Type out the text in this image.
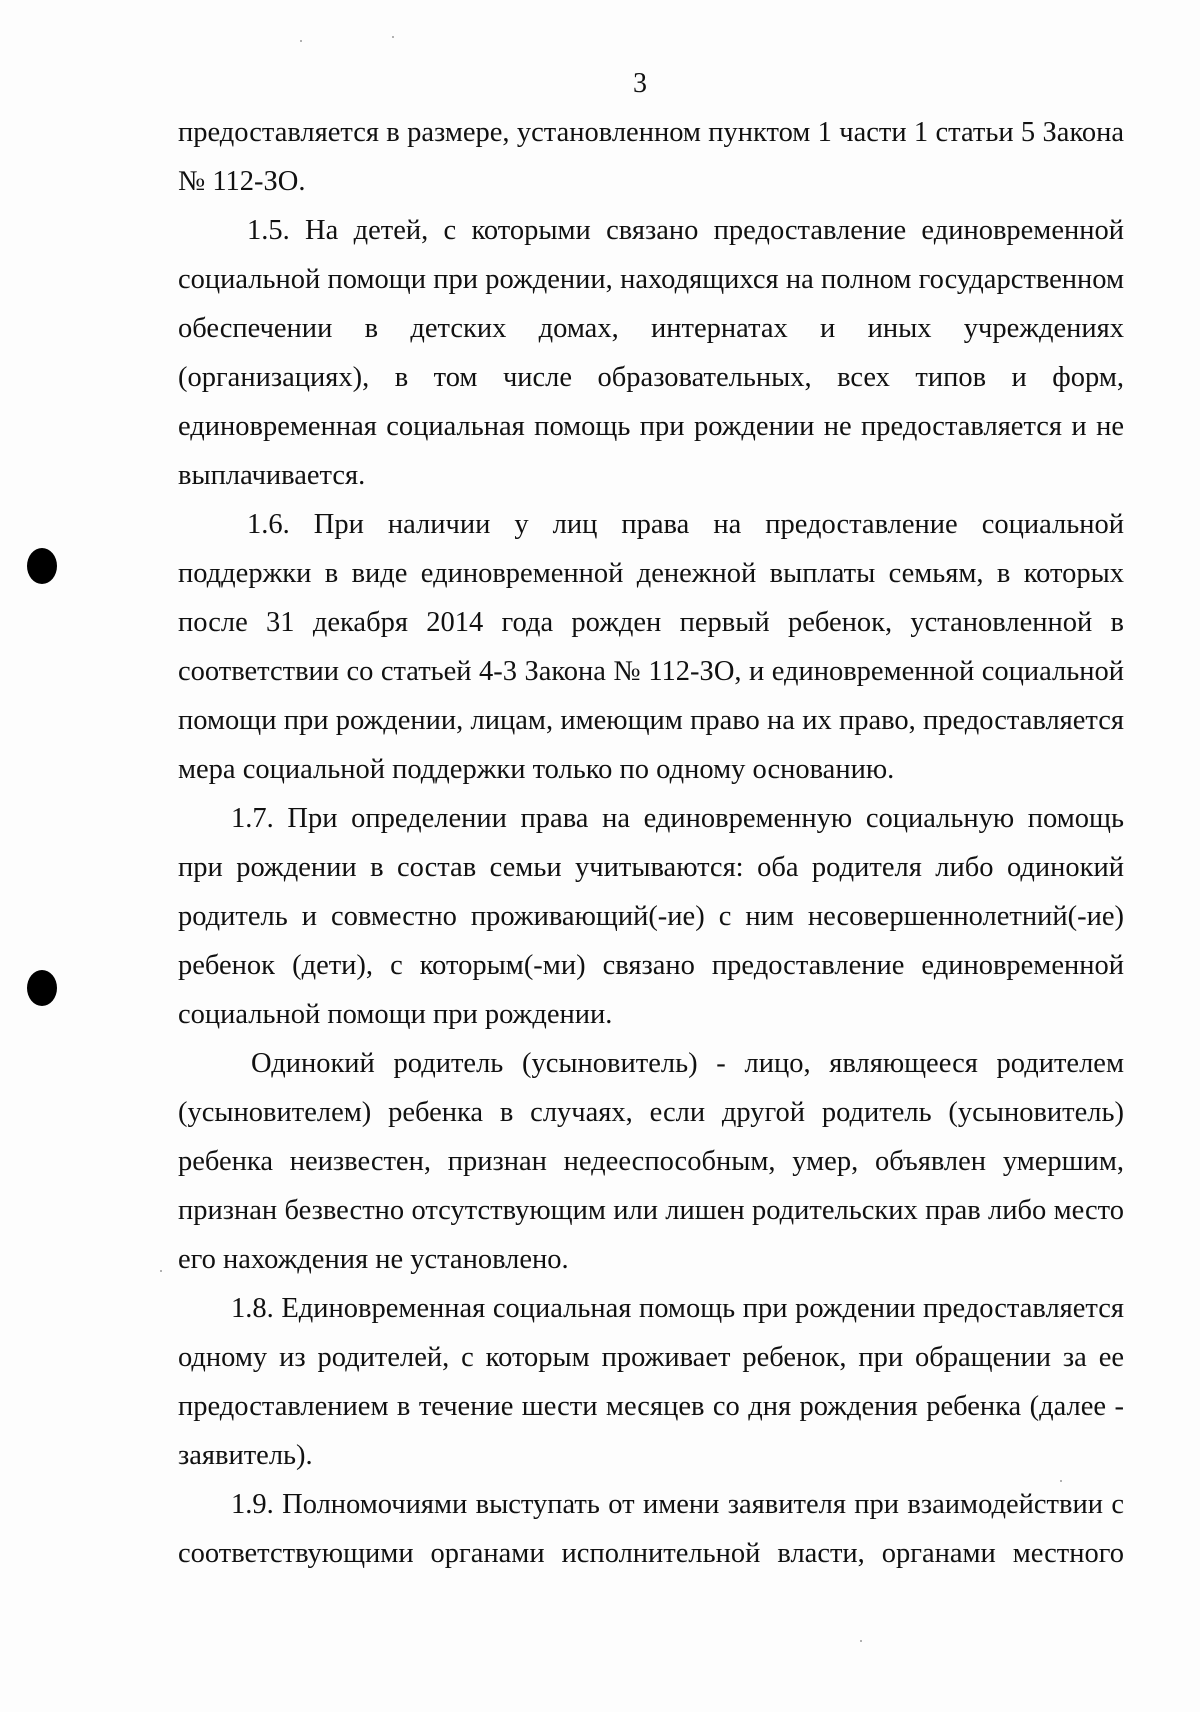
3

предоставляется в размере, установленном пунктом 1 части 1 статьи 5 Закона № 112-ЗО.

1.5. На детей, с которыми связано предоставление единовременной социальной помощи при рождении, находящихся на полном государственном обеспечении в детских домах, интернатах и иных учреждениях (организациях), в том числе образовательных, всех типов и форм, единовременная социальная помощь при рождении не предоставляется и не выплачивается.

1.6. При наличии у лиц права на предоставление социальной поддержки в виде единовременной денежной выплаты семьям, в которых после 31 декабря 2014 года рожден первый ребенок, установленной в соответствии со статьей 4-3 Закона № 112-ЗО, и единовременной социальной помощи при рождении, лицам, имеющим право на их право, предоставляется мера социальной поддержки только по одному основанию.

1.7. При определении права на единовременную социальную помощь при рождении в состав семьи учитываются: оба родителя либо одинокий родитель и совместно проживающий(-ие) с ним несовершеннолетний(-ие) ребенок (дети), с которым(-ми) связано предоставление единовременной социальной помощи при рождении.

Одинокий родитель (усыновитель) - лицо, являющееся родителем (усыновителем) ребенка в случаях, если другой родитель (усыновитель) ребенка неизвестен, признан недееспособным, умер, объявлен умершим, признан безвестно отсутствующим или лишен родительских прав либо место его нахождения не установлено.

1.8. Единовременная социальная помощь при рождении предоставляется одному из родителей, с которым проживает ребенок, при обращении за ее предоставлением в течение шести месяцев со дня рождения ребенка (далее - заявитель).

1.9. Полномочиями выступать от имени заявителя при взаимодействии с соответствующими органами исполнительной власти, органами местного
